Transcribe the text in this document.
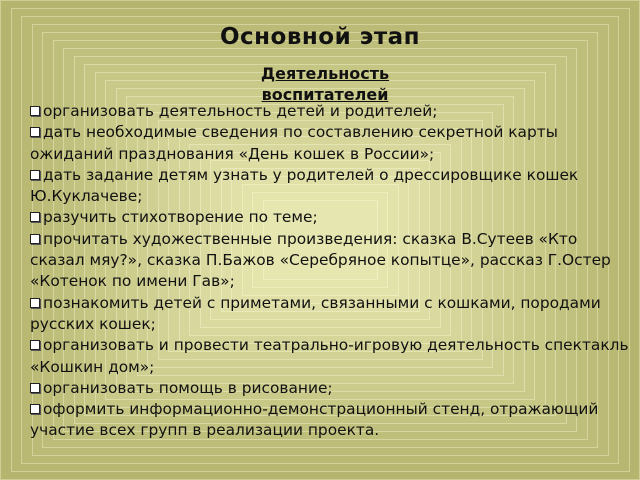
Основной этап
Деятельность воспитателей
организовать деятельность детей и родителей;
дать необходимые сведения по составлению секретной карты ожиданий празднования «День кошек в России»;
дать задание детям узнать у родителей о дрессировщике кошек Ю.Куклачеве;
разучить стихотворение по теме;
прочитать художественные произведения: сказка В.Сутеев «Кто сказал мяу?», сказка П.Бажов «Серебряное копытце», рассказ Г.Остер «Котенок по имени Гав»;
познакомить детей с приметами, связанными с кошками, породами русских кошек;
организовать и провести театрально-игровую деятельность спектакль «Кошкин дом»;
организовать помощь в рисование;
оформить информационно-демонстрационный стенд, отражающий участие всех групп в реализации проекта.
